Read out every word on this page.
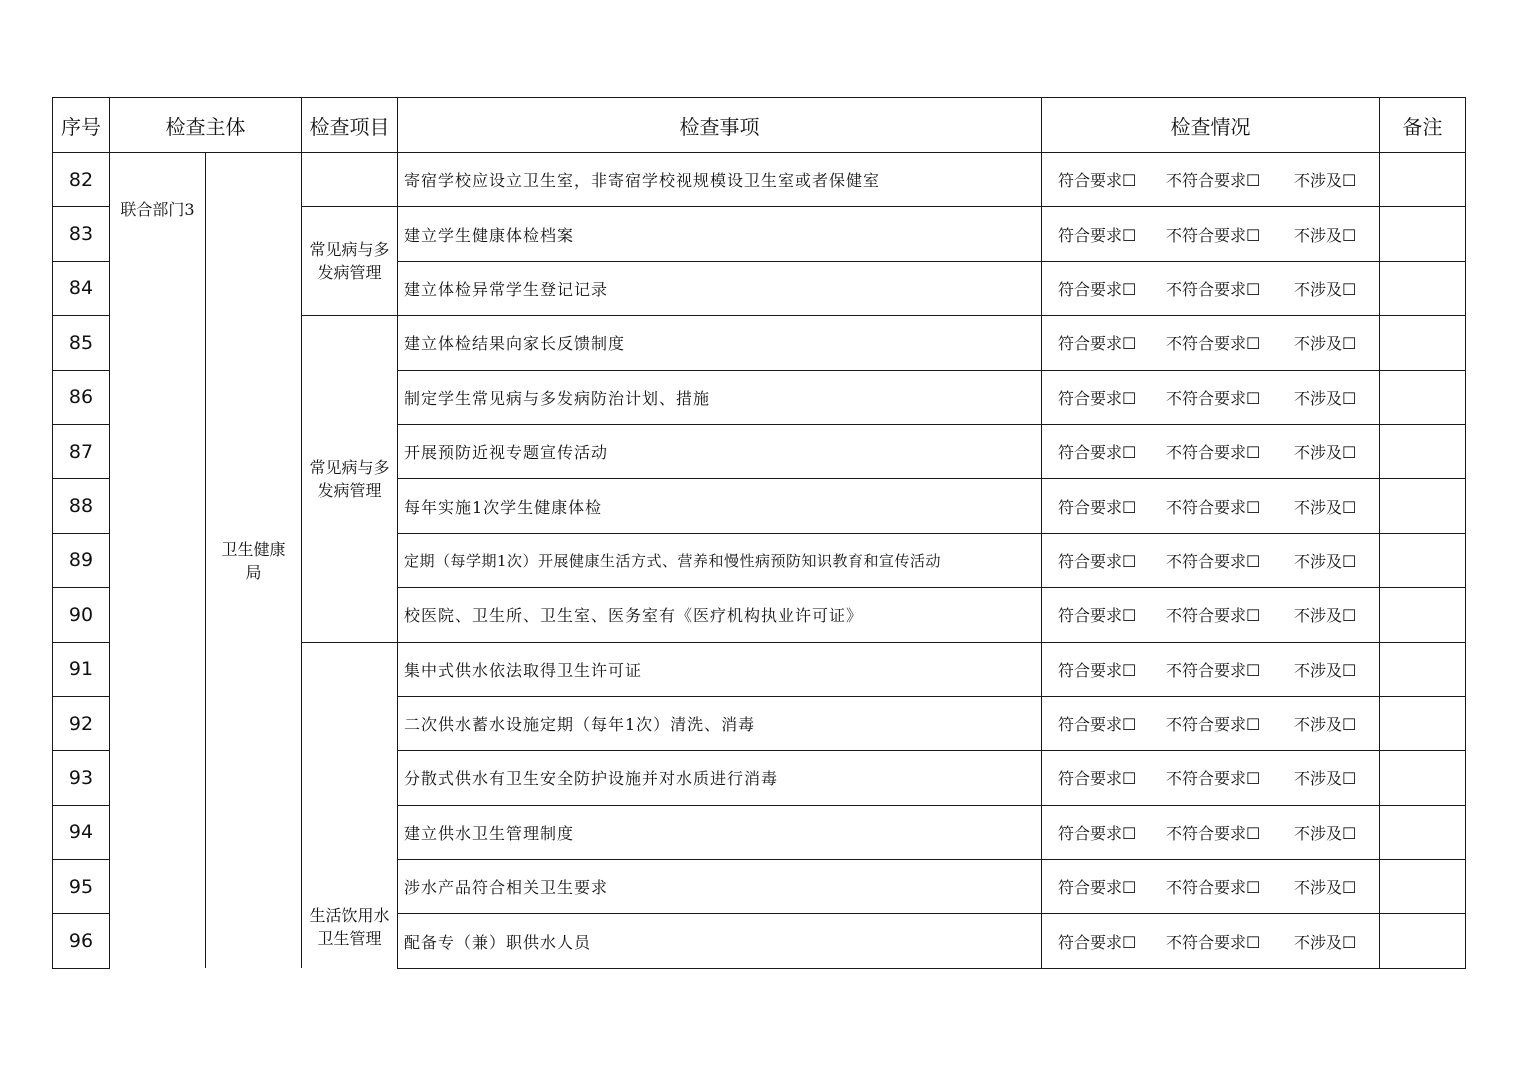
序号	检查主体		检查项目	检查事项	检查情况	备注
82	联合部门3	卫生健康局		寄宿学校应设立卫生室，非寄宿学校视规模设卫生室或者保健室	符合要求☐ 不符合要求☐ 不涉及☐	
83			常见病与多发病管理	建立学生健康体检档案	符合要求☐ 不符合要求☐ 不涉及☐	
84				建立体检异常学生登记记录	符合要求☐ 不符合要求☐ 不涉及☐	
85			常见病与多发病管理	建立体检结果向家长反馈制度	符合要求☐ 不符合要求☐ 不涉及☐	
86				制定学生常见病与多发病防治计划、措施	符合要求☐ 不符合要求☐ 不涉及☐	
87				开展预防近视专题宣传活动	符合要求☐ 不符合要求☐ 不涉及☐	
88				每年实施1次学生健康体检	符合要求☐ 不符合要求☐ 不涉及☐	
89				定期（每学期1次）开展健康生活方式、营养和慢性病预防知识教育和宣传活动	符合要求☐ 不符合要求☐ 不涉及☐	
90				校医院、卫生所、卫生室、医务室有《医疗机构执业许可证》	符合要求☐ 不符合要求☐ 不涉及☐	
91			生活饮用水卫生管理	集中式供水依法取得卫生许可证	符合要求☐ 不符合要求☐ 不涉及☐	
92				二次供水蓄水设施定期（每年1次）清洗、消毒	符合要求☐ 不符合要求☐ 不涉及☐	
93				分散式供水有卫生安全防护设施并对水质进行消毒	符合要求☐ 不符合要求☐ 不涉及☐	
94				建立供水卫生管理制度	符合要求☐ 不符合要求☐ 不涉及☐	
95				涉水产品符合相关卫生要求	符合要求☐ 不符合要求☐ 不涉及☐	
96				配备专（兼）职供水人员	符合要求☐ 不符合要求☐ 不涉及☐	
